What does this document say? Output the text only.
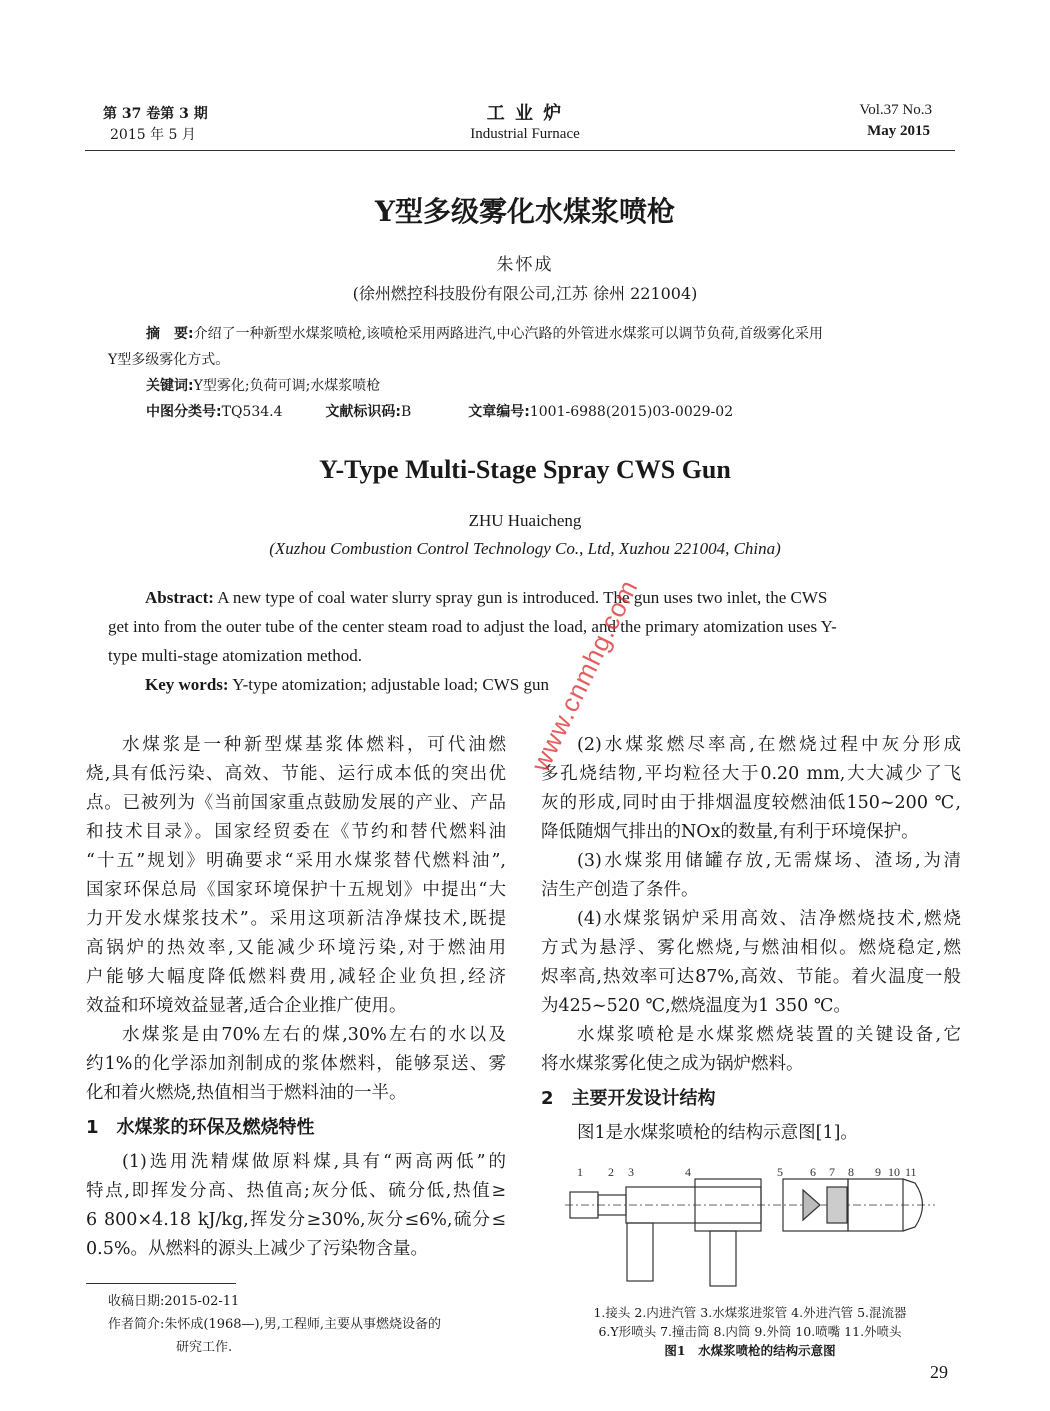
第 37 卷第 3 期
2015 年 5 月
工 业 炉
Industrial Furnace
Vol.37 No.3
May 2015
Y型多级雾化水煤浆喷枪
朱怀成
(徐州燃控科技股份有限公司,江苏 徐州 221004)
摘　要:介绍了一种新型水煤浆喷枪,该喷枪采用两路进汽,中心汽路的外管进水煤浆可以调节负荷,首级雾化采用
Y型多级雾化方式。
关键词:Y型雾化;负荷可调;水煤浆喷枪
中图分类号:TQ534.4	文献标识码:B	文章编号:1001-6988(2015)03-0029-02
Y-Type Multi-Stage Spray CWS Gun
ZHU Huaicheng
(Xuzhou Combustion Control Technology Co., Ltd, Xuzhou 221004, China)
Abstract: A new type of coal water slurry spray gun is introduced. The gun uses two inlet, the CWS
get into from the outer tube of the center steam road to adjust the load, and the primary atomization uses Y-
type multi-stage atomization method.
Key words: Y-type atomization; adjustable load; CWS gun
水煤浆是一种新型煤基浆体燃料，可代油燃
烧,具有低污染、高效、节能、运行成本低的突出优
点。已被列为《当前国家重点鼓励发展的产业、产品
和技术目录》。国家经贸委在《节约和替代燃料油
“十五”规划》明确要求“采用水煤浆替代燃料油”,
国家环保总局《国家环境保护十五规划》中提出“大
力开发水煤浆技术”。采用这项新洁净煤技术,既提
高锅炉的热效率,又能减少环境污染,对于燃油用
户能够大幅度降低燃料费用,减轻企业负担,经济
效益和环境效益显著,适合企业推广使用。
水煤浆是由70%左右的煤,30%左右的水以及
约1%的化学添加剂制成的浆体燃料，能够泵送、雾
化和着火燃烧,热值相当于燃料油的一半。
1　水煤浆的环保及燃烧特性
(1)选用洗精煤做原料煤,具有“两高两低”的
特点,即挥发分高、热值高;灰分低、硫分低,热值≥
6 800×4.18 kJ/kg,挥发分≥30%,灰分≤6%,硫分≤
0.5%。从燃料的源头上减少了污染物含量。
(2)水煤浆燃尽率高,在燃烧过程中灰分形成
多孔烧结物,平均粒径大于0.20 mm,大大减少了飞
灰的形成,同时由于排烟温度较燃油低150~200 ℃,
降低随烟气排出的NOx的数量,有利于环境保护。
(3)水煤浆用储罐存放,无需煤场、渣场,为清
洁生产创造了条件。
(4)水煤浆锅炉采用高效、洁净燃烧技术,燃烧
方式为悬浮、雾化燃烧,与燃油相似。燃烧稳定,燃
烬率高,热效率可达87%,高效、节能。着火温度一般
为425~520 ℃,燃烧温度为1 350 ℃。
水煤浆喷枪是水煤浆燃烧装置的关键设备,它
将水煤浆雾化使之成为锅炉燃料。
2　主要开发设计结构
图1是水煤浆喷枪的结构示意图[1]。
1 2 3	4	5 6 7 8 9 10 11
1.接头 2.内进汽管 3.水煤浆进浆管 4.外进汽管 5.混流器
6.Y形喷头 7.撞击筒 8.内筒 9.外筒 10.喷嘴 11.外喷头
图1　水煤浆喷枪的结构示意图
收稿日期:2015-02-11
作者简介:朱怀成(1968—),男,工程师,主要从事燃烧设备的
研究工作.
29
www.cnmhg.com
